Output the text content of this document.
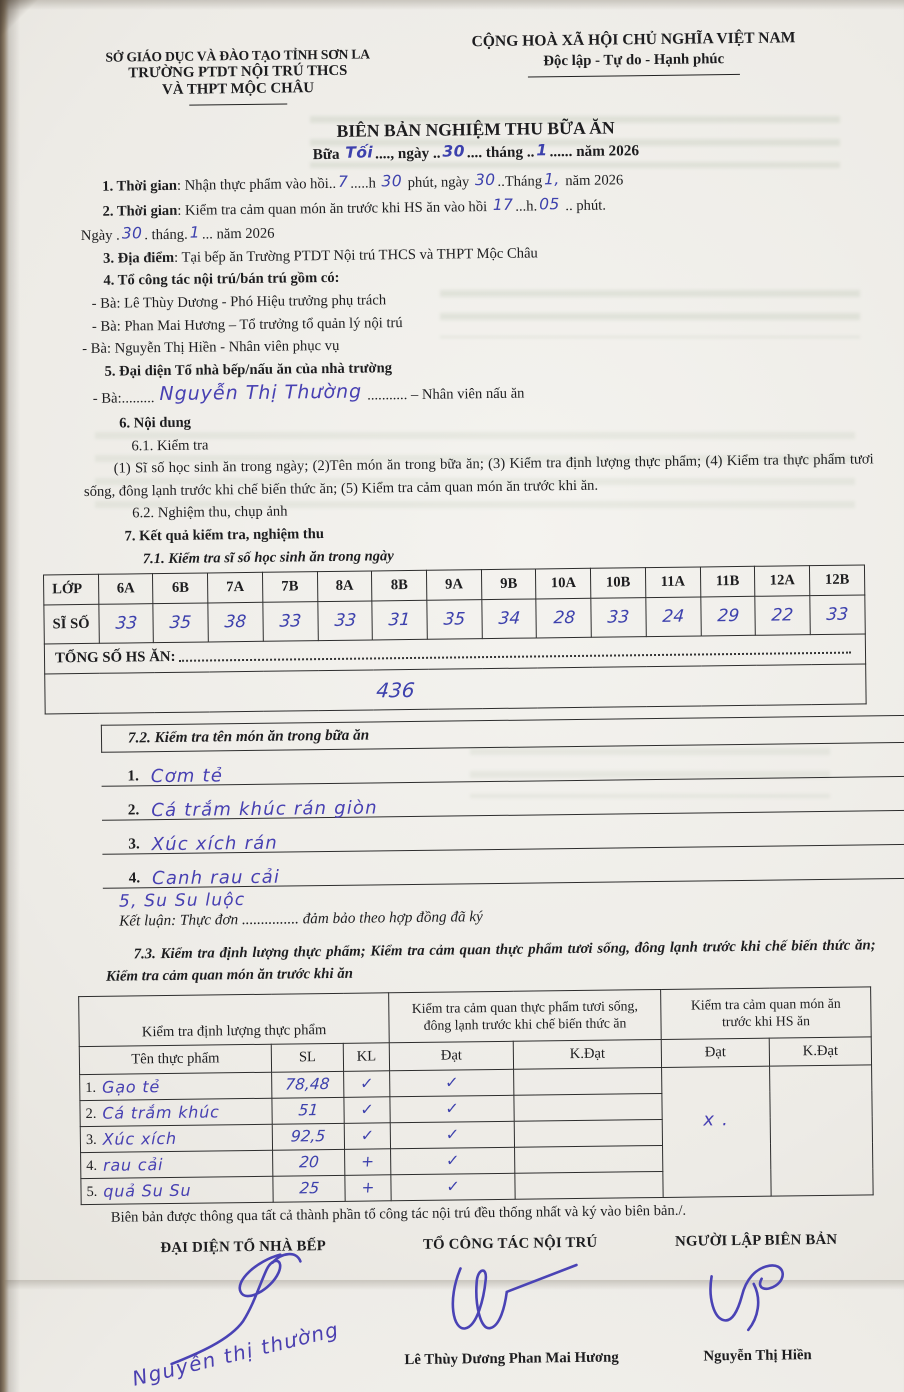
SỞ GIÁO DỤC VÀ ĐÀO TẠO TỈNH SƠN LA
TRƯỜNG PTDT NỘI TRÚ THCS
VÀ THPT MỘC CHÂU
CỘNG HOÀ XÃ HỘI CHỦ NGHĨA VIỆT NAM
Độc lập - Tự do - Hạnh phúc
BIÊN BẢN NGHIỆM THU BỮA ĂN
Bữa Tối ...., ngày .. 30 .... tháng .. 1 ...... năm 2026
1. Thời gian: Nhận thực phẩm vào hồi.. 7 .....h 30 phút, ngày 30 ..Tháng 1, năm 2026
2. Thời gian: Kiểm tra cảm quan món ăn trước khi HS ăn vào hồi 17 ...h. 05 .. phút.
Ngày . 30 . tháng. 1 ... năm 2026
3. Địa điểm: Tại bếp ăn Trường PTDT Nội trú THCS và THPT Mộc Châu
4. Tổ công tác nội trú/bán trú gồm có:
- Bà: Lê Thùy Dương - Phó Hiệu trưởng phụ trách
- Bà: Phan Mai Hương – Tổ trưởng tổ quản lý nội trú
- Bà: Nguyễn Thị Hiền - Nhân viên phục vụ
5. Đại diện Tổ nhà bếp/nấu ăn của nhà trường
- Bà:......... Nguyễn Thị Thường ........... – Nhân viên nấu ăn
6. Nội dung
6.1. Kiểm tra
(1) Sĩ số học sinh ăn trong ngày; (2)Tên món ăn trong bữa ăn; (3) Kiểm tra định lượng thực phẩm; (4) Kiểm tra thực phẩm tươi sống, đông lạnh trước khi chế biến thức ăn; (5) Kiểm tra cảm quan món ăn trước khi ăn.
6.2. Nghiệm thu, chụp ảnh
7. Kết quả kiểm tra, nghiệm thu
7.1. Kiểm tra sĩ số học sinh ăn trong ngày
LỚP	6A	6B	7A	7B	8A	8B	9A	9B	10A	10B	11A	11B	12A	12B
SĨ SỐ	33	35	38	33	33	31	35	34	28	33	24	29	22	33

TỔNG SỐ HS ĂN:														

436														
7.2. Kiểm tra tên món ăn trong bữa ăn
1. Cơm tẻ
2. Cá trắm khúc rán giòn
3. Xúc xích rán
4. Canh rau cải
5, Su Su luộc
Kết luận: Thực đơn ............... đảm bảo theo hợp đồng đã ký
7.3. Kiểm tra định lượng thực phẩm; Kiểm tra cảm quan thực phẩm tươi sống, đông lạnh trước khi chế biến thức ăn; Kiểm tra cảm quan món ăn trước khi ăn
Kiểm tra định lượng thực phẩm	
Kiểm tra cảm quan thực phẩm tươi sống,
đông lạnh trước khi chế biến thức ăn

Kiểm tra cảm quan món ăn
trước khi HS ăn

Tên thực phẩm	SL	KL	Đạt	K.Đạt	Đạt	K.Đạt
1. Gạo tẻ	78,48	✓	✓		x .	
2. Cá trắm khúc	51	✓	✓			
3. Xúc xích	92,5	✓	✓			
4. rau cải	20	+	✓			
5. quả Su Su	25	+	✓			
Biên bản được thông qua tất cả thành phần tổ công tác nội trú đều thống nhất và ký vào biên bản./.
ĐẠI DIỆN TỔ NHÀ BẾP
Nguyễn thị thường
TỔ CÔNG TÁC NỘI TRÚ
Lê Thùy Dương Phan Mai Hương
NGƯỜI LẬP BIÊN BẢN
Nguyễn Thị Hiền
